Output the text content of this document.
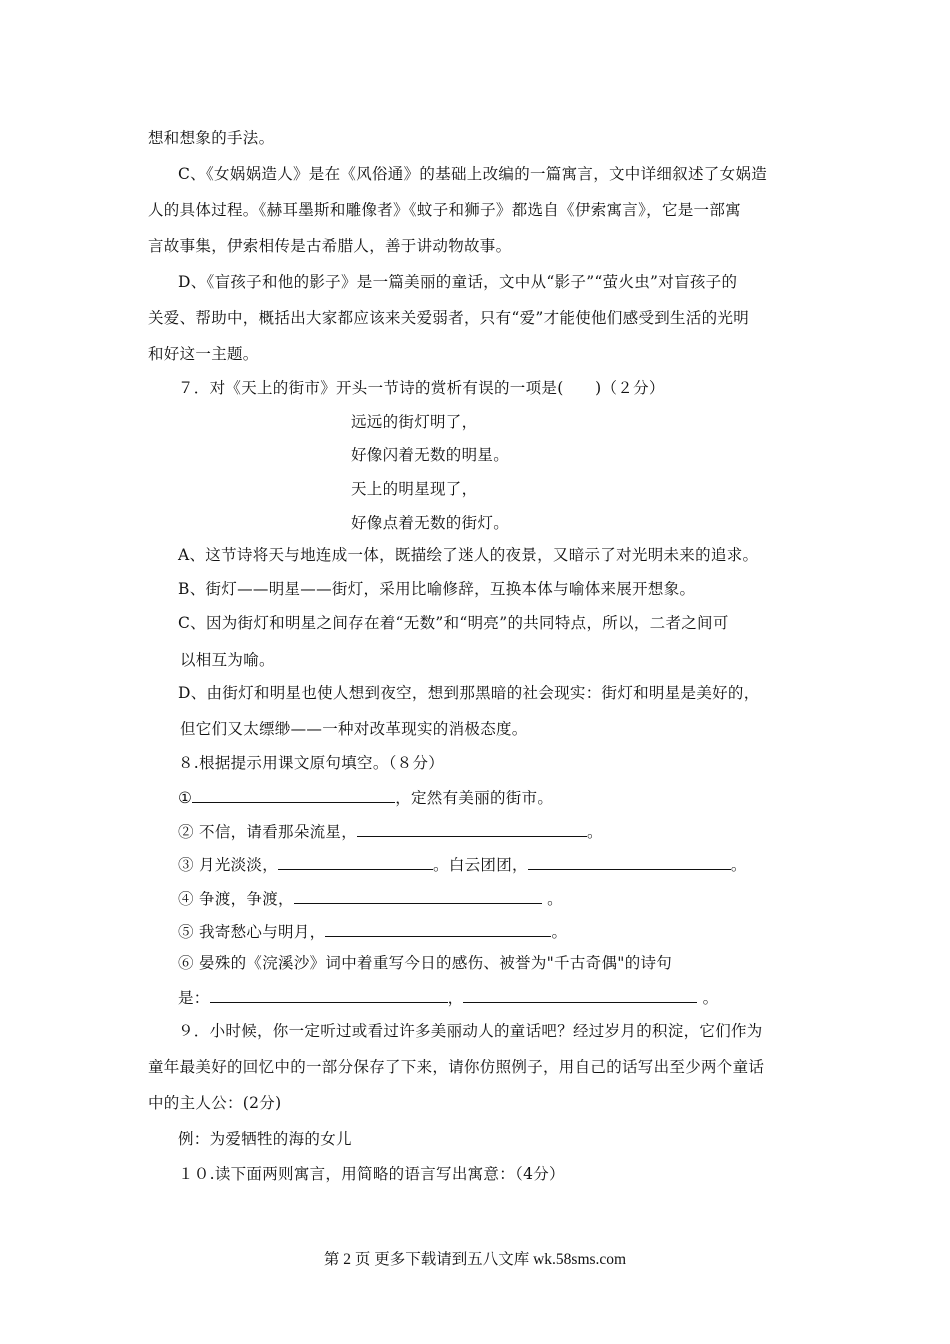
想和想象的手法。
C、《女娲娲造人》是在《风俗通》的基础上改编的一篇寓言，文中详细叙述了女娲造
人的具体过程。《赫耳墨斯和雕像者》《蚊子和狮子》都选自《伊索寓言》，它是一部寓
言故事集，伊索相传是古希腊人，善于讲动物故事。
D、《盲孩子和他的影子》是一篇美丽的童话，文中从“影子”“萤火虫”对盲孩子的
关爱、帮助中，概括出大家都应该来关爱弱者，只有“爱”才能使他们感受到生活的光明
和好这一主题。
７．对《天上的街市》开头一节诗的赏析有误的一项是(　　)（２分）
远远的街灯明了，
好像闪着无数的明星。
天上的明星现了，
好像点着无数的街灯。
A、这节诗将天与地连成一体，既描绘了迷人的夜景，又暗示了对光明未来的追求。
B、街灯——明星——街灯，采用比喻修辞，互换本体与喻体来展开想象。
C、因为街灯和明星之间存在着“无数”和“明亮”的共同特点，所以，二者之间可
以相互为喻。
D、由街灯和明星也使人想到夜空，想到那黑暗的社会现实：街灯和明星是美好的，
但它们又太缥缈——一种对改革现实的消极态度。
８.根据提示用课文原句填空。（８分）
①	，定然有美丽的街市。
② 不信，请看那朵流星，	。
③ 月光淡淡，	。白云团团，	。
④ 争渡，争渡，	。
⑤ 我寄愁心与明月，	。
⑥ 晏殊的《浣溪沙》词中着重写今日的感伤、被誉为"千古奇偶"的诗句
是：	，	。
９．小时候，你一定听过或看过许多美丽动人的童话吧？经过岁月的积淀，它们作为
童年最美好的回忆中的一部分保存了下来，请你仿照例子，用自己的话写出至少两个童话
中的主人公：(2分)
例：为爱牺牲的海的女儿
１０.读下面两则寓言，用简略的语言写出寓意：（4分）
第 2 页 更多下载请到五八文库 wk.58sms.com
